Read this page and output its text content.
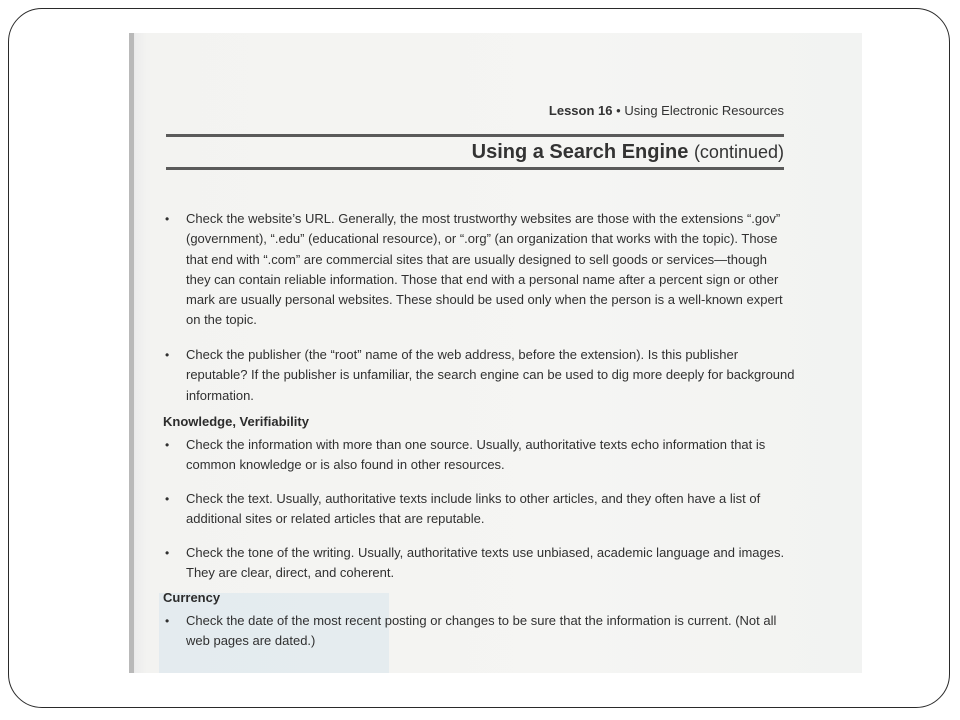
Lesson 16 • Using Electronic Resources
Using a Search Engine (continued)
• Check the website’s URL. Generally, the most trustworthy websites are those with the extensions “.gov” (government), “.edu” (educational resource), or “.org” (an organization that works with the topic). Those that end with “.com” are commercial sites that are usually designed to sell goods or services—though they can contain reliable information. Those that end with a personal name after a percent sign or other mark are usually personal websites. These should be used only when the person is a well-known expert on the topic.
• Check the publisher (the “root” name of the web address, before the extension). Is this publisher reputable? If the publisher is unfamiliar, the search engine can be used to dig more deeply for background information.
Knowledge, Verifiability
• Check the information with more than one source. Usually, authoritative texts echo information that is common knowledge or is also found in other resources.
• Check the text. Usually, authoritative texts include links to other articles, and they often have a list of additional sites or related articles that are reputable.
• Check the tone of the writing. Usually, authoritative texts use unbiased, academic language and images. They are clear, direct, and coherent.
Currency
• Check the date of the most recent posting or changes to be sure that the information is current. (Not all web pages are dated.)
